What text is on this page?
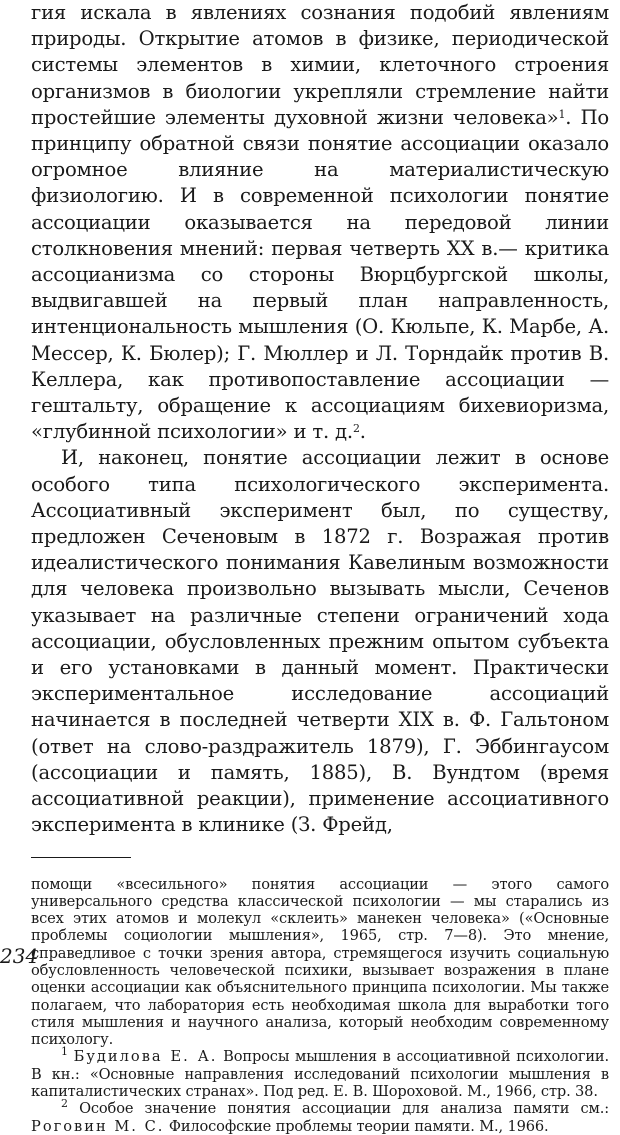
гия искала в явлениях сознания подобий явлениям природы. Открытие атомов в физике, периодической системы элементов в химии, клеточного строения организмов в биологии укрепляли стремление найти простейшие элементы духовной жизни человека»$^1$. По принципу обратной связи понятие ассоциации оказало огромное влияние на материалистическую физиологию. И в современной психологии понятие ассоциации оказывается на передовой линии столкновения мнений: первая четверть XX в.— критика ассоцианизма со стороны Вюрцбургской школы, выдвигавшей на первый план направленность, интенциональность мышления (О. Кюльпе, К. Марбе, А. Мессер, К. Бюлер); Г. Мюллер и Л. Торндайк против В. Келлера, как противопоставление ассоциации — гештальту, обращение к ассоциациям бихевиоризма, «глубинной психологии» и т. д.$^2$.

И, наконец, понятие ассоциации лежит в основе особого типа психологического эксперимента. Ассоциативный эксперимент был, по существу, предложен Сеченовым в 1872 г. Возражая против идеалистического понимания Кавелиным возможности для человека произвольно вызывать мысли, Сеченов указывает на различные степени ограничений хода ассоциации, обусловленных прежним опытом субъекта и его установками в данный момент. Практически экспериментальное исследование ассоциаций начинается в последней четверти XIX в. Ф. Гальтоном (ответ на слово-раздражитель 1879), Г. Эббингаусом (ассоциации и память, 1885), В. Вундтом (время ассоциативной реакции), применение ассоциативного эксперимента в клинике (З. Фрейд,

помощи «всесильного» понятия ассоциации — этого самого универсального средства классической психологии — мы старались из всех этих атомов и молекул «склеить» манекен человека» («Основные проблемы социологии мышления», 1965, стр. 7—8). Это мнение, справедливое с точки зрения автора, стремящегося изучить социальную обусловленность человеческой психики, вызывает возражения в плане оценки ассоциации как объяснительного принципа психологии. Мы также полагаем, что лаборатория есть необходимая школа для выработки того стиля мышления и научного анализа, который необходим современному психологу.

$^1$ Будилова Е. А. Вопросы мышления в ассоциативной психологии. В кн.: «Основные направления исследований психологии мышления в капиталистических странах». Под ред. Е. В. Шороховой. М., 1966, стр. 38.

$^2$ Особое значение понятия ассоциации для анализа памяти см.: Роговин М. С. Философские проблемы теории памяти. М., 1966.

234
